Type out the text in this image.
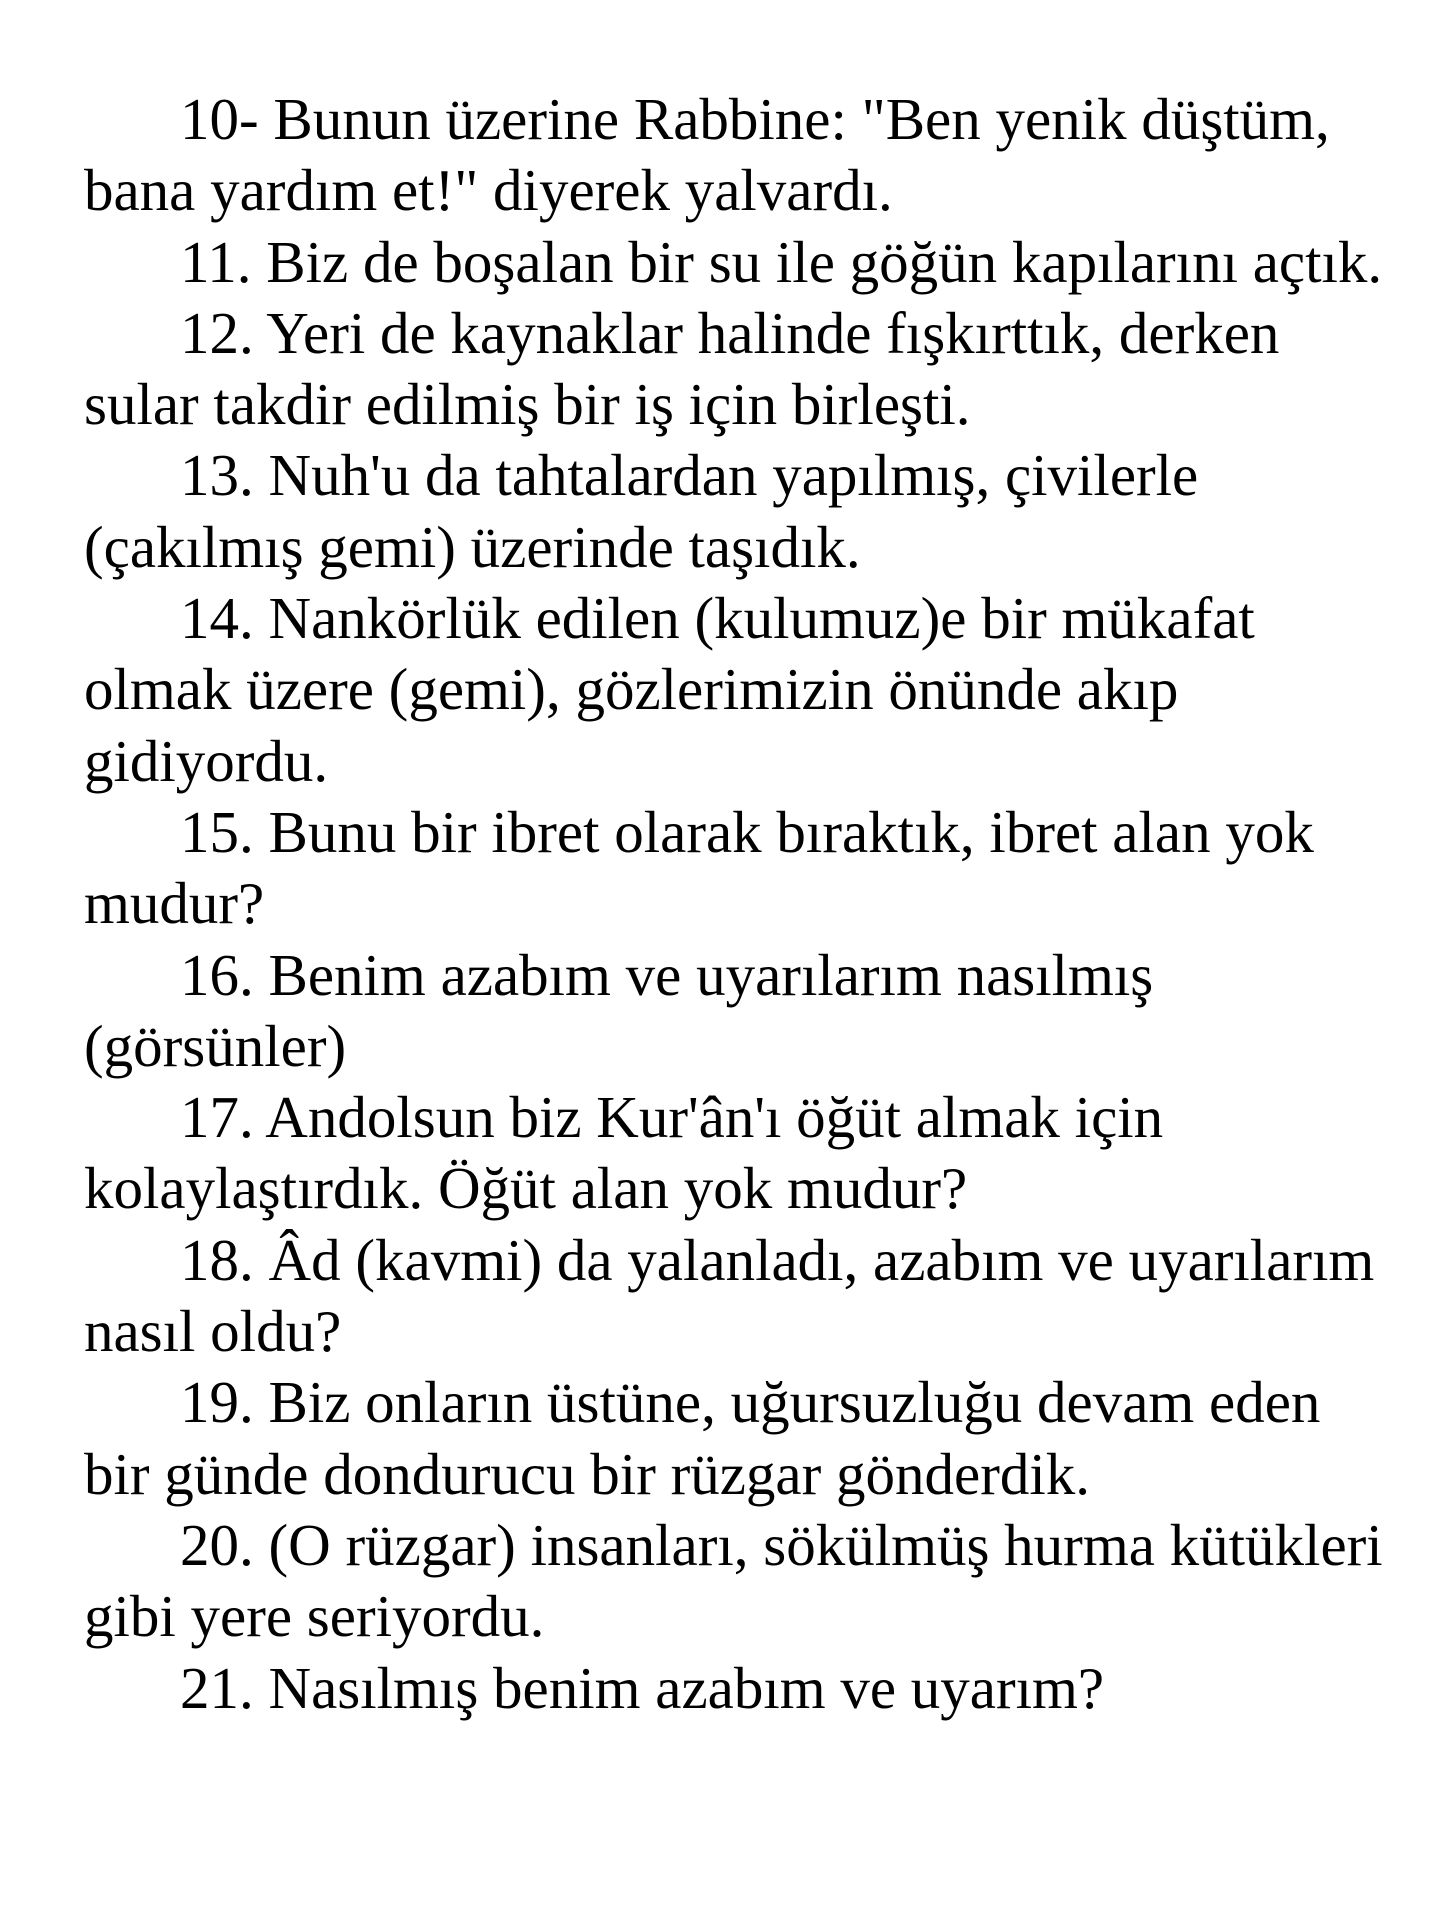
10- Bunun üzerine Rabbine: "Ben yenik düştüm, bana yardım et!" diyerek yalvardı.

11. Biz de boşalan bir su ile göğün kapılarını açtık.

12. Yeri de kaynaklar halinde fışkırttık, derken sular takdir edilmiş bir iş için birleşti.

13. Nuh'u da tahtalardan yapılmış, çivilerle (çakılmış gemi) üzerinde taşıdık.

14. Nankörlük edilen (kulumuz)e bir mükafat olmak üzere (gemi), gözlerimizin önünde akıp gidiyordu.

15. Bunu bir ibret olarak bıraktık, ibret alan yok mudur?

16. Benim azabım ve uyarılarım nasılmış (görsünler)

17. Andolsun biz Kur'ân'ı öğüt almak için kolaylaştırdık. Öğüt alan yok mudur?

18. Âd (kavmi) da yalanladı, azabım ve uyarılarım nasıl oldu?

19. Biz onların üstüne, uğursuzluğu devam eden bir günde dondurucu bir rüzgar gönderdik.

20. (O rüzgar) insanları, sökülmüş hurma kütükleri gibi yere seriyordu.

21. Nasılmış benim azabım ve uyarım?
